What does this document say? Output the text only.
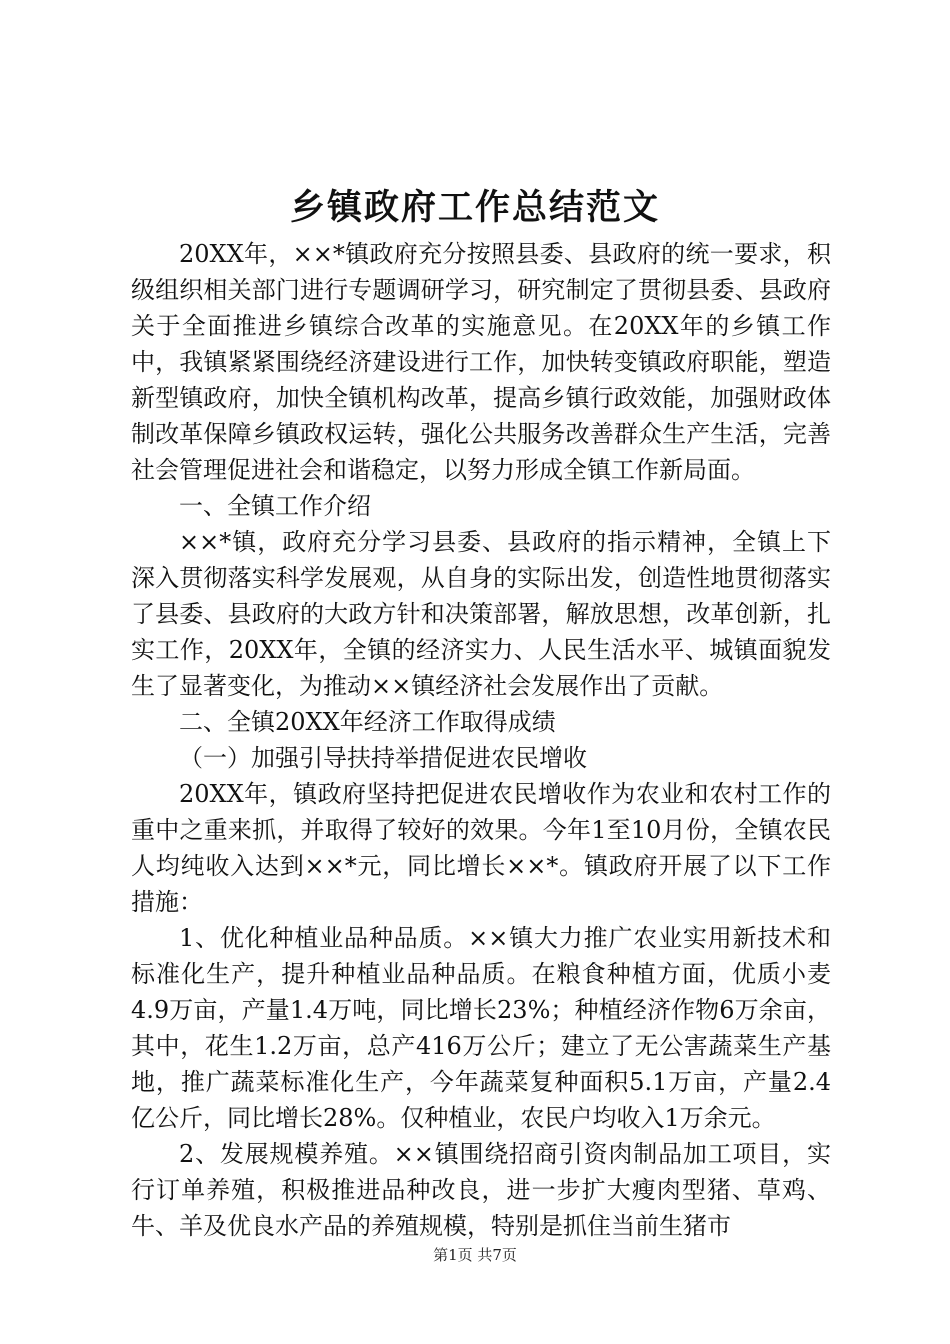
乡镇政府工作总结范文

20XX年，××*镇政府充分按照县委、县政府的统一要求，积级组织相关部门进行专题调研学习，研究制定了贯彻县委、县政府关于全面推进乡镇综合改革的实施意见。在20XX年的乡镇工作中，我镇紧紧围绕经济建设进行工作，加快转变镇政府职能，塑造新型镇政府，加快全镇机构改革，提高乡镇行政效能，加强财政体制改革保障乡镇政权运转，强化公共服务改善群众生产生活，完善社会管理促进社会和谐稳定，以努力形成全镇工作新局面。

一、全镇工作介绍

××*镇，政府充分学习县委、县政府的指示精神，全镇上下深入贯彻落实科学发展观，从自身的实际出发，创造性地贯彻落实了县委、县政府的大政方针和决策部署，解放思想，改革创新，扎实工作，20XX年，全镇的经济实力、人民生活水平、城镇面貌发生了显著变化，为推动××镇经济社会发展作出了贡献。

二、全镇20XX年经济工作取得成绩

（一）加强引导扶持举措促进农民增收

20XX年，镇政府坚持把促进农民增收作为农业和农村工作的重中之重来抓，并取得了较好的效果。今年1至10月份，全镇农民人均纯收入达到××*元，同比增长××*。镇政府开展了以下工作措施：

1、优化种植业品种品质。××镇大力推广农业实用新技术和标准化生产，提升种植业品种品质。在粮食种植方面，优质小麦4.9万亩，产量1.4万吨，同比增长23%；种植经济作物6万余亩，其中，花生1.2万亩，总产416万公斤；建立了无公害蔬菜生产基地，推广蔬菜标准化生产，今年蔬菜复种面积5.1万亩，产量2.4亿公斤，同比增长28%。仅种植业，农民户均收入1万余元。

2、发展规模养殖。××镇围绕招商引资肉制品加工项目，实行订单养殖，积极推进品种改良，进一步扩大瘦肉型猪、草鸡、牛、羊及优良水产品的养殖规模，特别是抓住当前生猪市

第1页 共7页
